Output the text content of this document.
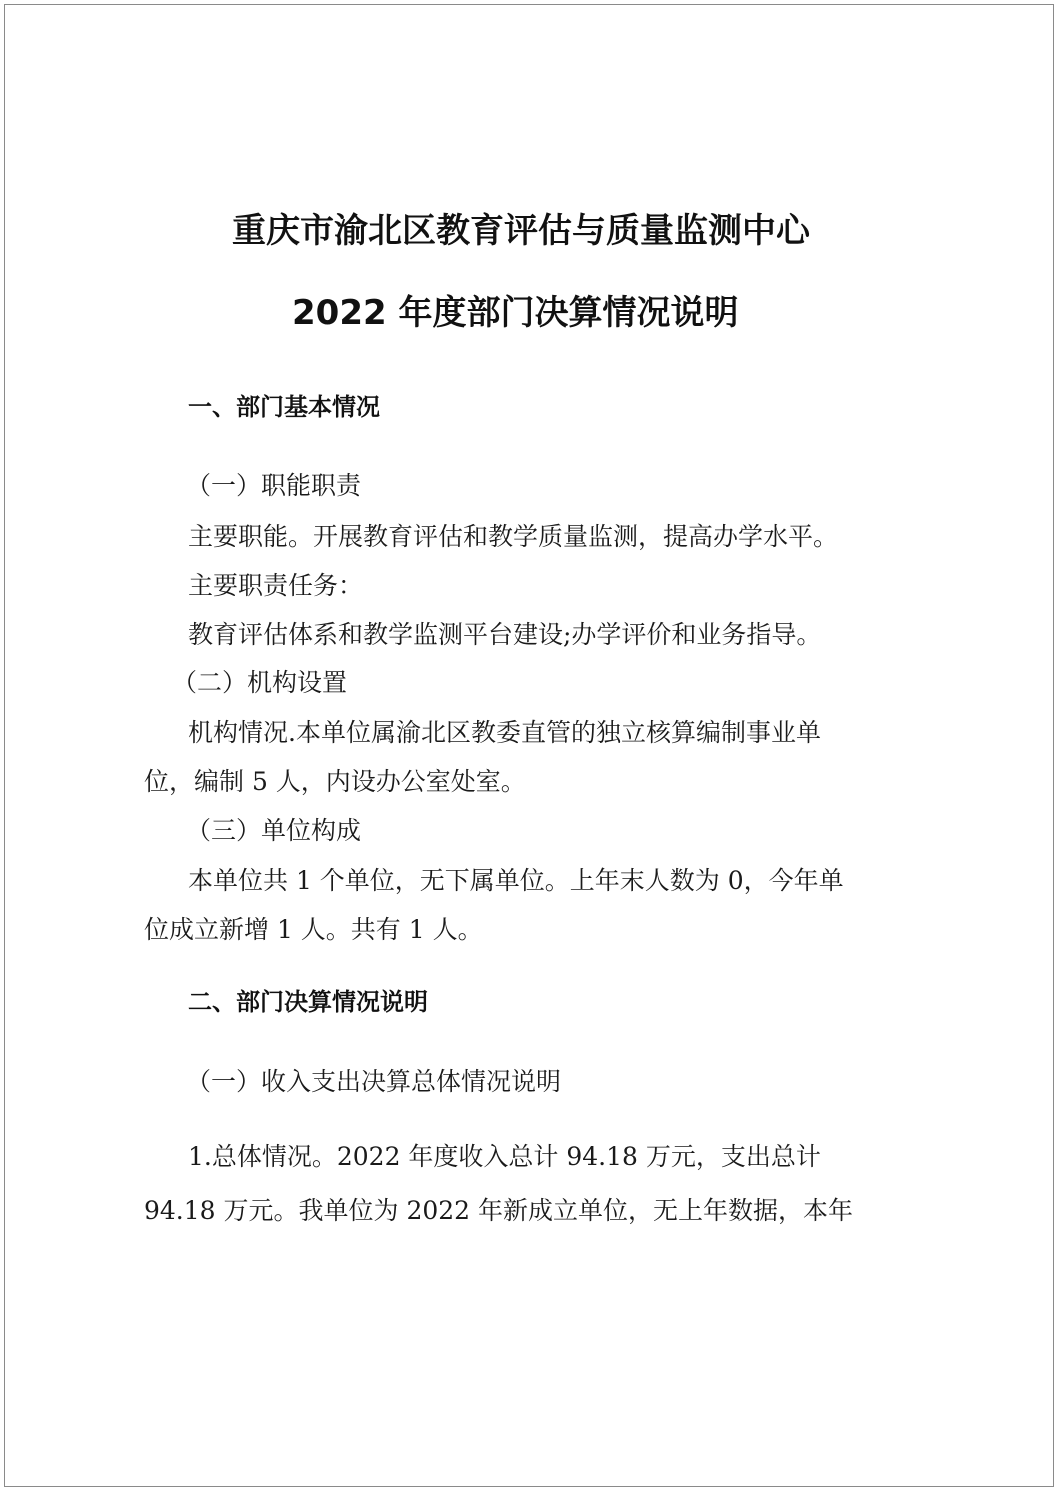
重庆市渝北区教育评估与质量监测中心
2022 年度部门决算情况说明
一、部门基本情况
（一）职能职责
主要职能。开展教育评估和教学质量监测，提高办学水平。
主要职责任务：
教育评估体系和教学监测平台建设;办学评价和业务指导。
（二）机构设置
机构情况.本单位属渝北区教委直管的独立核算编制事业单
位，编制 5 人，内设办公室处室。
（三）单位构成
本单位共 1 个单位，无下属单位。上年末人数为 0，今年单
位成立新增 1 人。共有 1 人。
二、部门决算情况说明
（一）收入支出决算总体情况说明
1.总体情况。2022 年度收入总计 94.18 万元，支出总计
94.18 万元。我单位为 2022 年新成立单位，无上年数据，本年
